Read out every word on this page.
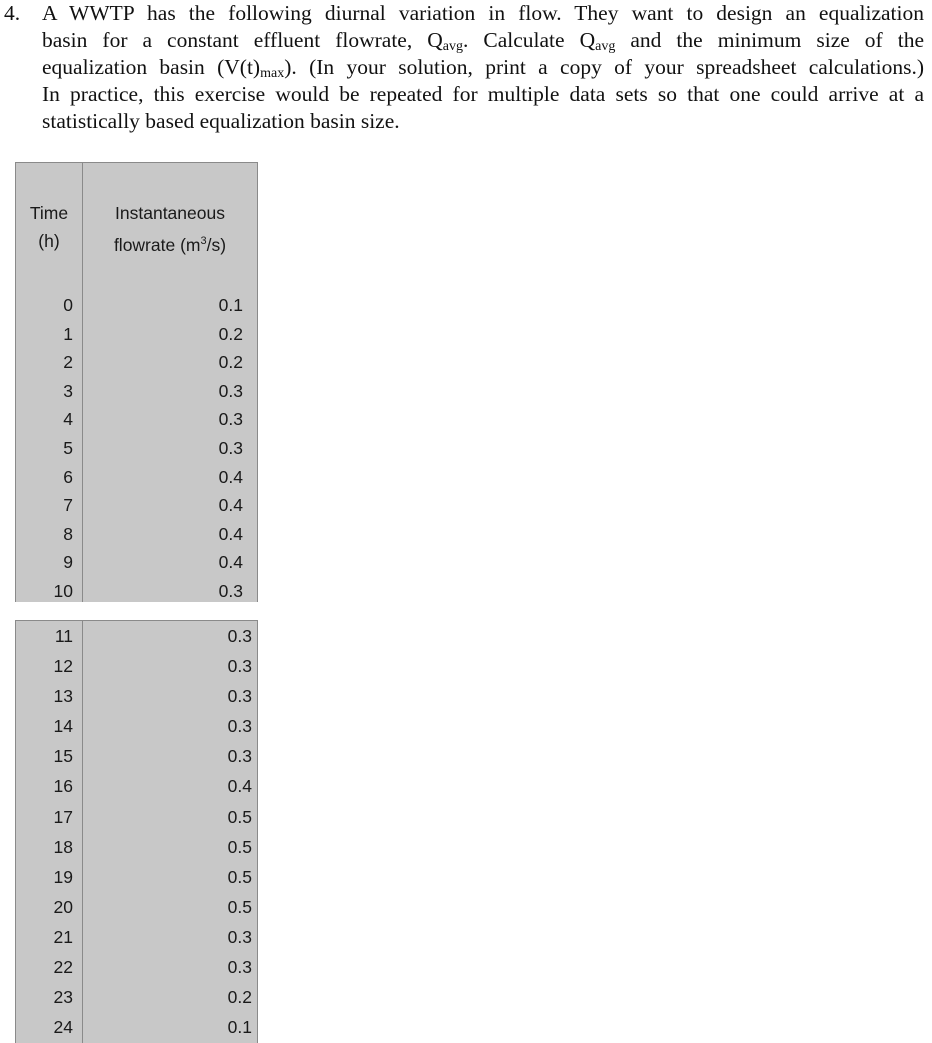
4.	A WWTP has the following diurnal variation in flow. They want to design an equalization
basin for a constant effluent flowrate, $Q_{avg}$. Calculate $Q_{avg}$ and the minimum size of the
equalization basin $(V(t)_{max})$. (In your solution, print a copy of your spreadsheet calculations.)
In practice, this exercise would be repeated for multiple data sets so that one could arrive at a
statistically based equalization basin size.
Time
(h)
Instantaneous
flowrate $(m^3/s)$
0	0.1
1	0.2
2	0.2
3	0.3
4	0.3
5	0.3
6	0.4
7	0.4
8	0.4
9	0.4
10	0.3
11	0.3
12	0.3
13	0.3
14	0.3
15	0.3
16	0.4
17	0.5
18	0.5
19	0.5
20	0.5
21	0.3
22	0.3
23	0.2
24	0.1
